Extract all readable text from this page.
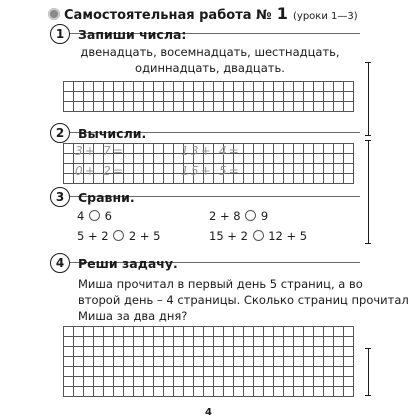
Самостоятельная работа № 1 (уроки 1—3)
1	Запиши числа:
двенадцать, восемнадцать, шестнадцать,
одиннадцать, двадцать.
2	Вычисли.
3+ 7=	13+ 4=
0+ 2=	15+ 5=
3	Сравни.
4 6	2 + 8 9
5 + 2 2 + 5	15 + 2 12 + 5
4	Реши задачу.
Миша прочитал в первый день 5 страниц, а во
второй день – 4 страницы. Сколько страниц прочитал
Миша за два дня?
4
